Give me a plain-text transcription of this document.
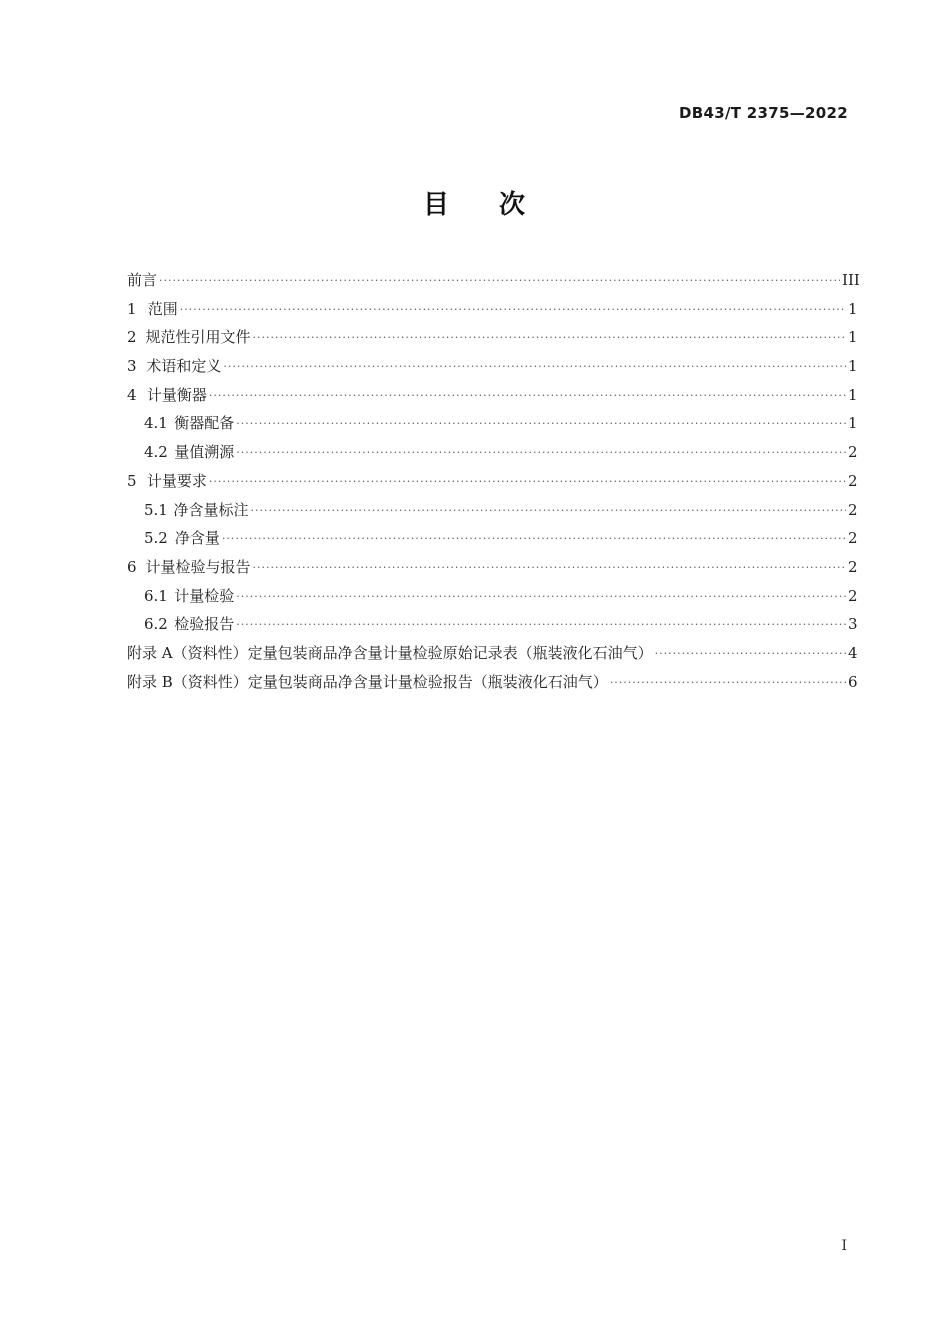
DB43/T 2375—2022
目 次
前言 ·····	III
1 范围 ·····	1
2 规范性引用文件 ·····	1
3 术语和定义 ·····	1
4 计量衡器 ·····	1
4.1 衡器配备 ·····	1
4.2 量值溯源 ·····	2
5 计量要求 ·····	2
5.1 净含量标注 ·····	2
5.2 净含量 ·····	2
6 计量检验与报告 ·····	2
6.1 计量检验 ·····	2
6.2 检验报告 ·····	3
附录 A（资料性） 定量包装商品净含量计量检验原始记录表（瓶装液化石油气） ·····	4
附录 B（资料性） 定量包装商品净含量计量检验报告（瓶装液化石油气） ·····	6
I
